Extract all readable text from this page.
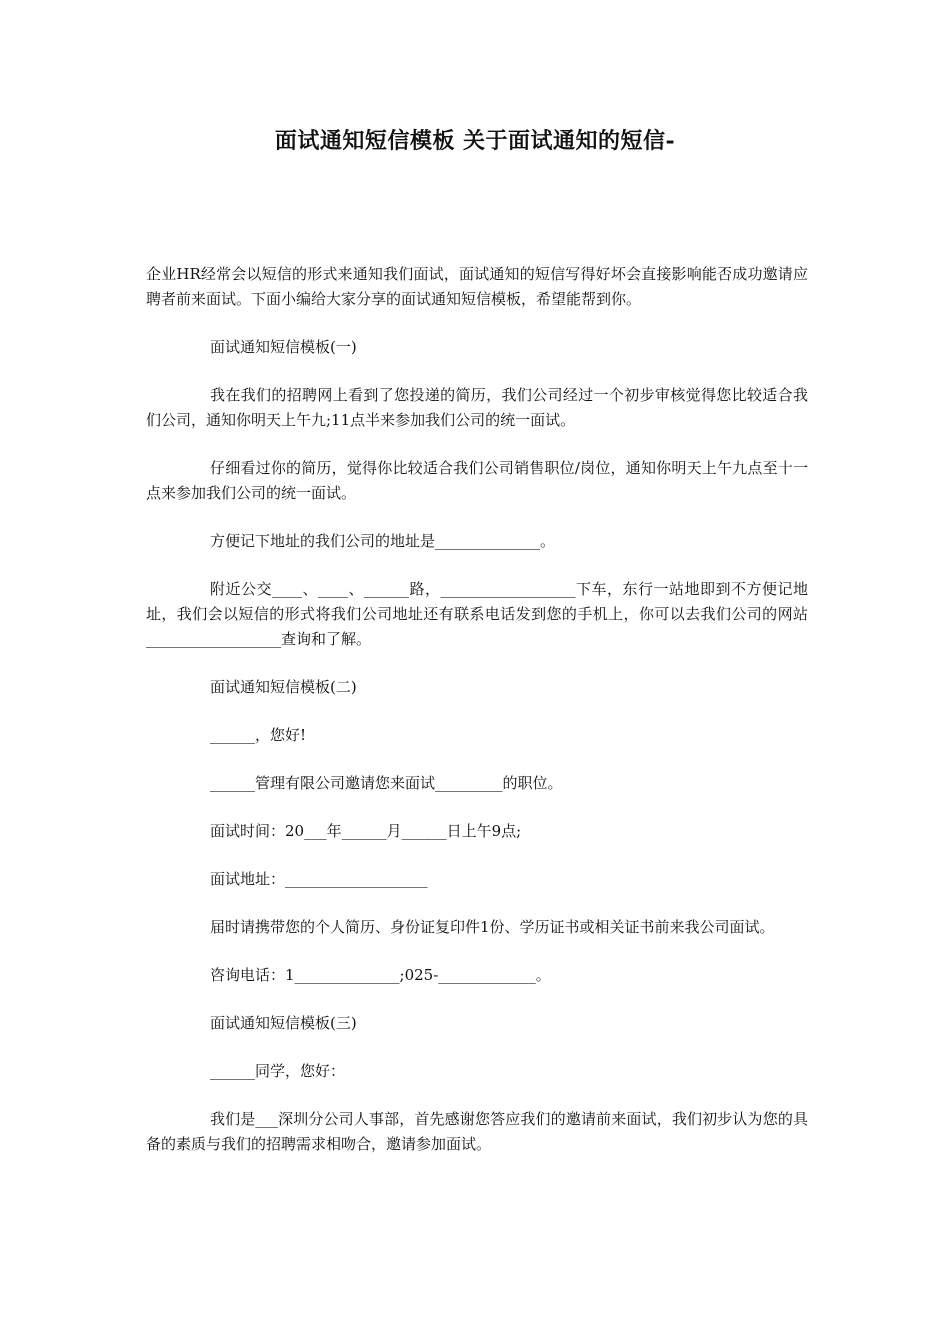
面试通知短信模板 关于面试通知的短信-

企业HR经常会以短信的形式来通知我们面试，面试通知的短信写得好坏会直接影响能否成功邀请应聘者前来面试。下面小编给大家分享的面试通知短信模板，希望能帮到你。

面试通知短信模板(一)

我在我们的招聘网上看到了您投递的简历，我们公司经过一个初步审核觉得您比较适合我们公司，通知你明天上午九;11点半来参加我们公司的统一面试。

仔细看过你的简历，觉得你比较适合我们公司销售职位/岗位，通知你明天上午九点至十一点来参加我们公司的统一面试。

方便记下地址的我们公司的地址是______________。

附近公交____、____、______路，__________________下车，东行一站地即到不方便记地址，我们会以短信的形式将我们公司地址还有联系电话发到您的手机上，你可以去我们公司的网站__________________查询和了解。

面试通知短信模板(二)

______，您好!

______管理有限公司邀请您来面试_________的职位。

面试时间：20___年______月______日上午9点;

面试地址：___________________

届时请携带您的个人简历、身份证复印件1份、学历证书或相关证书前来我公司面试。

咨询电话：1______________;025-_____________。

面试通知短信模板(三)

______同学，您好：

我们是___深圳分公司人事部，首先感谢您答应我们的邀请前来面试，我们初步认为您的具备的素质与我们的招聘需求相吻合，邀请参加面试。
